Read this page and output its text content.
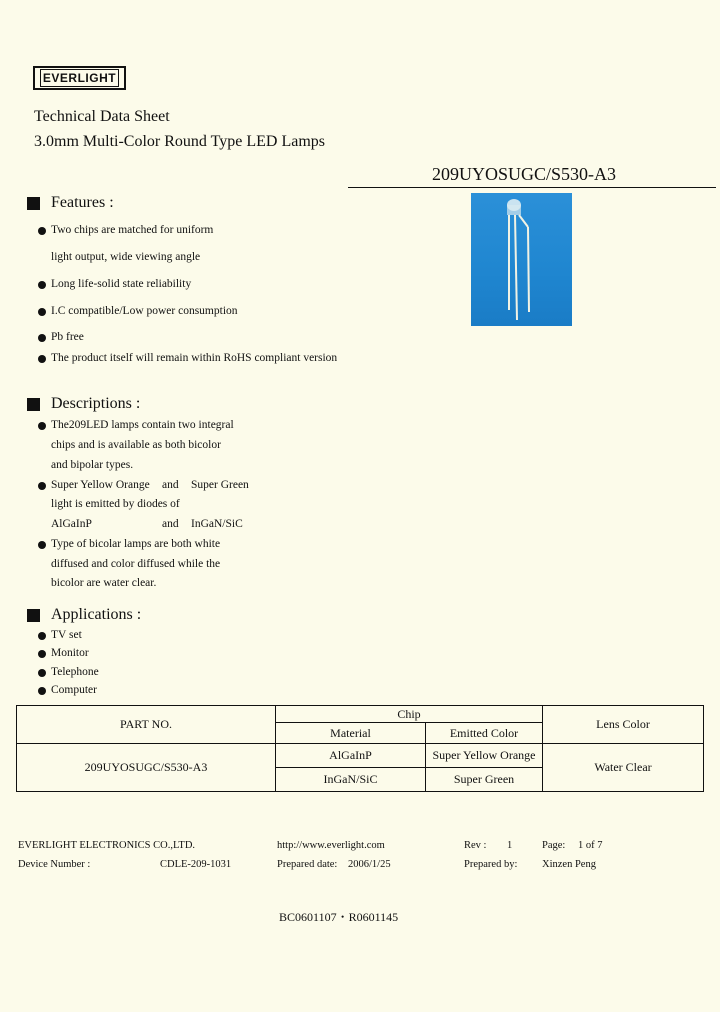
EVERLIGHT
Technical Data Sheet
3.0mm Multi-Color Round Type LED Lamps
209UYOSUGC/S530-A3
Features :
Two chips are matched for uniform
light output, wide viewing angle
Long life-solid state reliability
I.C compatible/Low power consumption
Pb free
The product itself will remain within RoHS compliant version
Descriptions :
The209LED lamps contain two integral
chips and is available as both bicolor
and bipolar types.
Super Yellow Orange and Super Green
light is emitted by diodes of
AlGaInP	and InGaN/SiC
Type of bicolar lamps are both white
diffused and color diffused while the
bicolor are water clear.
Applications :
TV set
Monitor
Telephone
Computer
PART NO.	Chip		Lens Color
	Material	Emitted Color	
209UYOSUGC/S530-A3	AlGaInP	Super Yellow Orange	Water Clear
	InGaN/SiC	Super Green	
EVERLIGHT ELECTRONICS CO.,LTD.	http://www.everlight.com	Rev : 1	Page: 1 of 7
Device Number :	CDLE-209-1031	Prepared date: 2006/1/25	Prepared by: Xinzen Peng
BC0601107・R0601145
